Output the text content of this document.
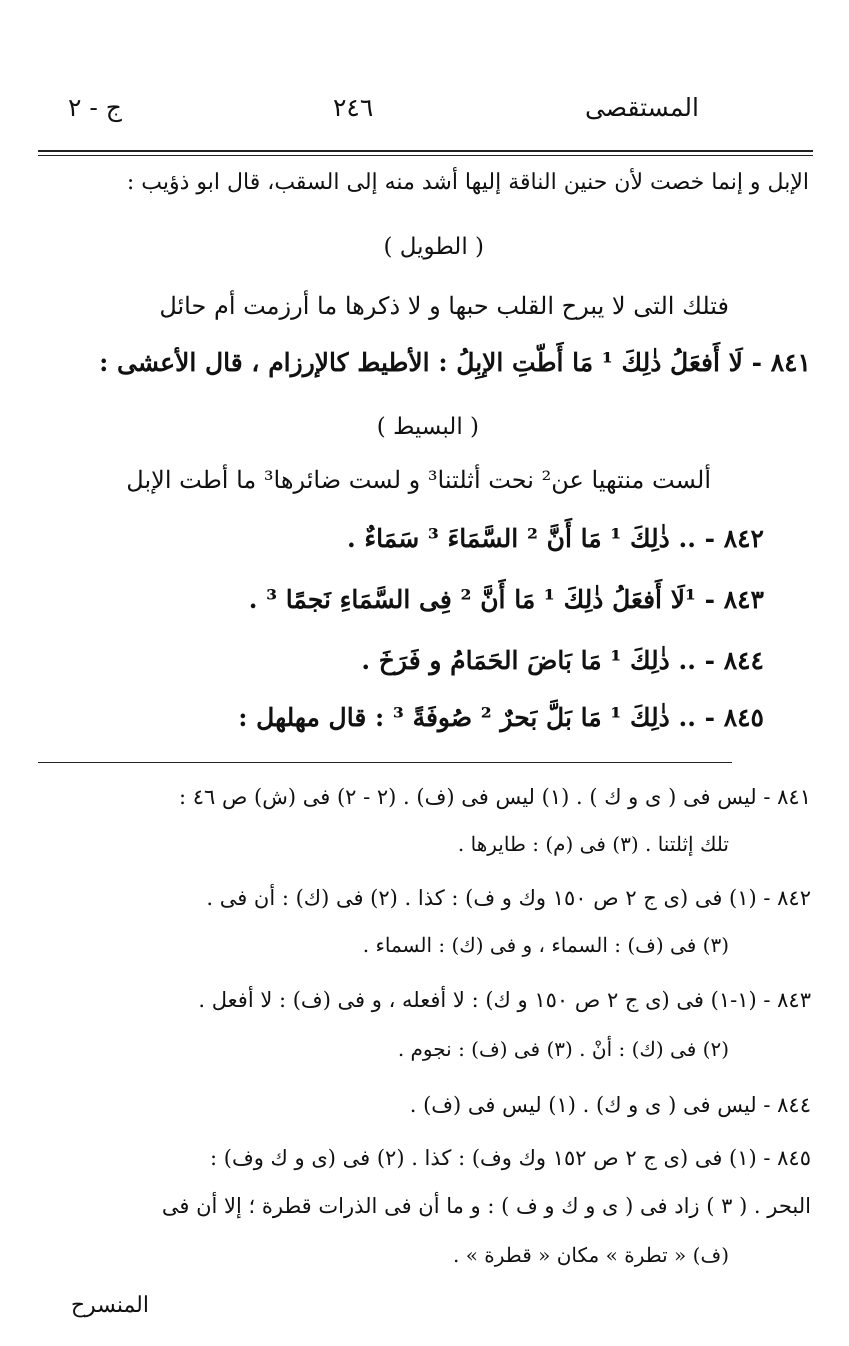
المستقصى
٢٤٦
ج - ٢
الإبل و إنما خصت لأن حنين الناقة إليها أشد منه إلى السقب، قال ابو ذؤيب :
( الطويل )
فتلك التى لا يبرح القلب حبها و لا ذكرها ما أرزمت أم حائل
٨٤١ - لَا أَفعَلُ ذٰلِكَ ¹ مَا أَطّتِ الإبِلُ : الأطيط كالإرزام ، قال الأعشى :
( البسيط )
ألست منتهيا عن² نحت أثلتنا³ و لست ضائرها³ ما أطت الإبل
٨٤٢ - .. ذٰلِكَ ¹ مَا أَنَّ ² السَّمَاءَ ³ سَمَاءٌ .
٨٤٣ - ¹لَا أَفعَلُ ذٰلِكَ ¹ مَا أَنَّ ² فِى السَّمَاءِ نَجمًا ³ .
٨٤٤ - .. ذٰلِكَ ¹ مَا بَاضَ الحَمَامُ و فَرَخَ .
٨٤٥ - .. ذٰلِكَ ¹ مَا بَلَّ بَحرٌ ² صُوفَةً ³ : قال مهلهل :
٨٤١ - ليس فى ( ى و ك ) . (١) ليس فى (ف) . (٢ - ٢) فى (ش) ص ٤٦ :
تلك إثلتنا . (٣) فى (م) : طايرها .
٨٤٢ - (١) فى (ى ج ٢ ص ١٥٠ وك و ف) : كذا . (٢) فى (ك) : أن فى .
(٣) فى (ف) : السماء ، و فى (ك) : السماء .
٨٤٣ - (١-١) فى (ى ج ٢ ص ١٥٠ و ك) : لا أفعله ، و فى (ف) : لا أفعل .
(٢) فى (ك) : أنْ . (٣) فى (ف) : نجوم .
٨٤٤ - ليس فى ( ى و ك) . (١) ليس فى (ف) .
٨٤٥ - (١) فى (ى ج ٢ ص ١٥٢ وك وف) : كذا . (٢) فى (ى و ك وف) :
البحر . ( ٣ ) زاد فى ( ى و ك و ف ) : و ما أن فى الذرات قطرة ؛ إلا أن فى
(ف) « تطرة » مكان « قطرة » .
المنسرح
